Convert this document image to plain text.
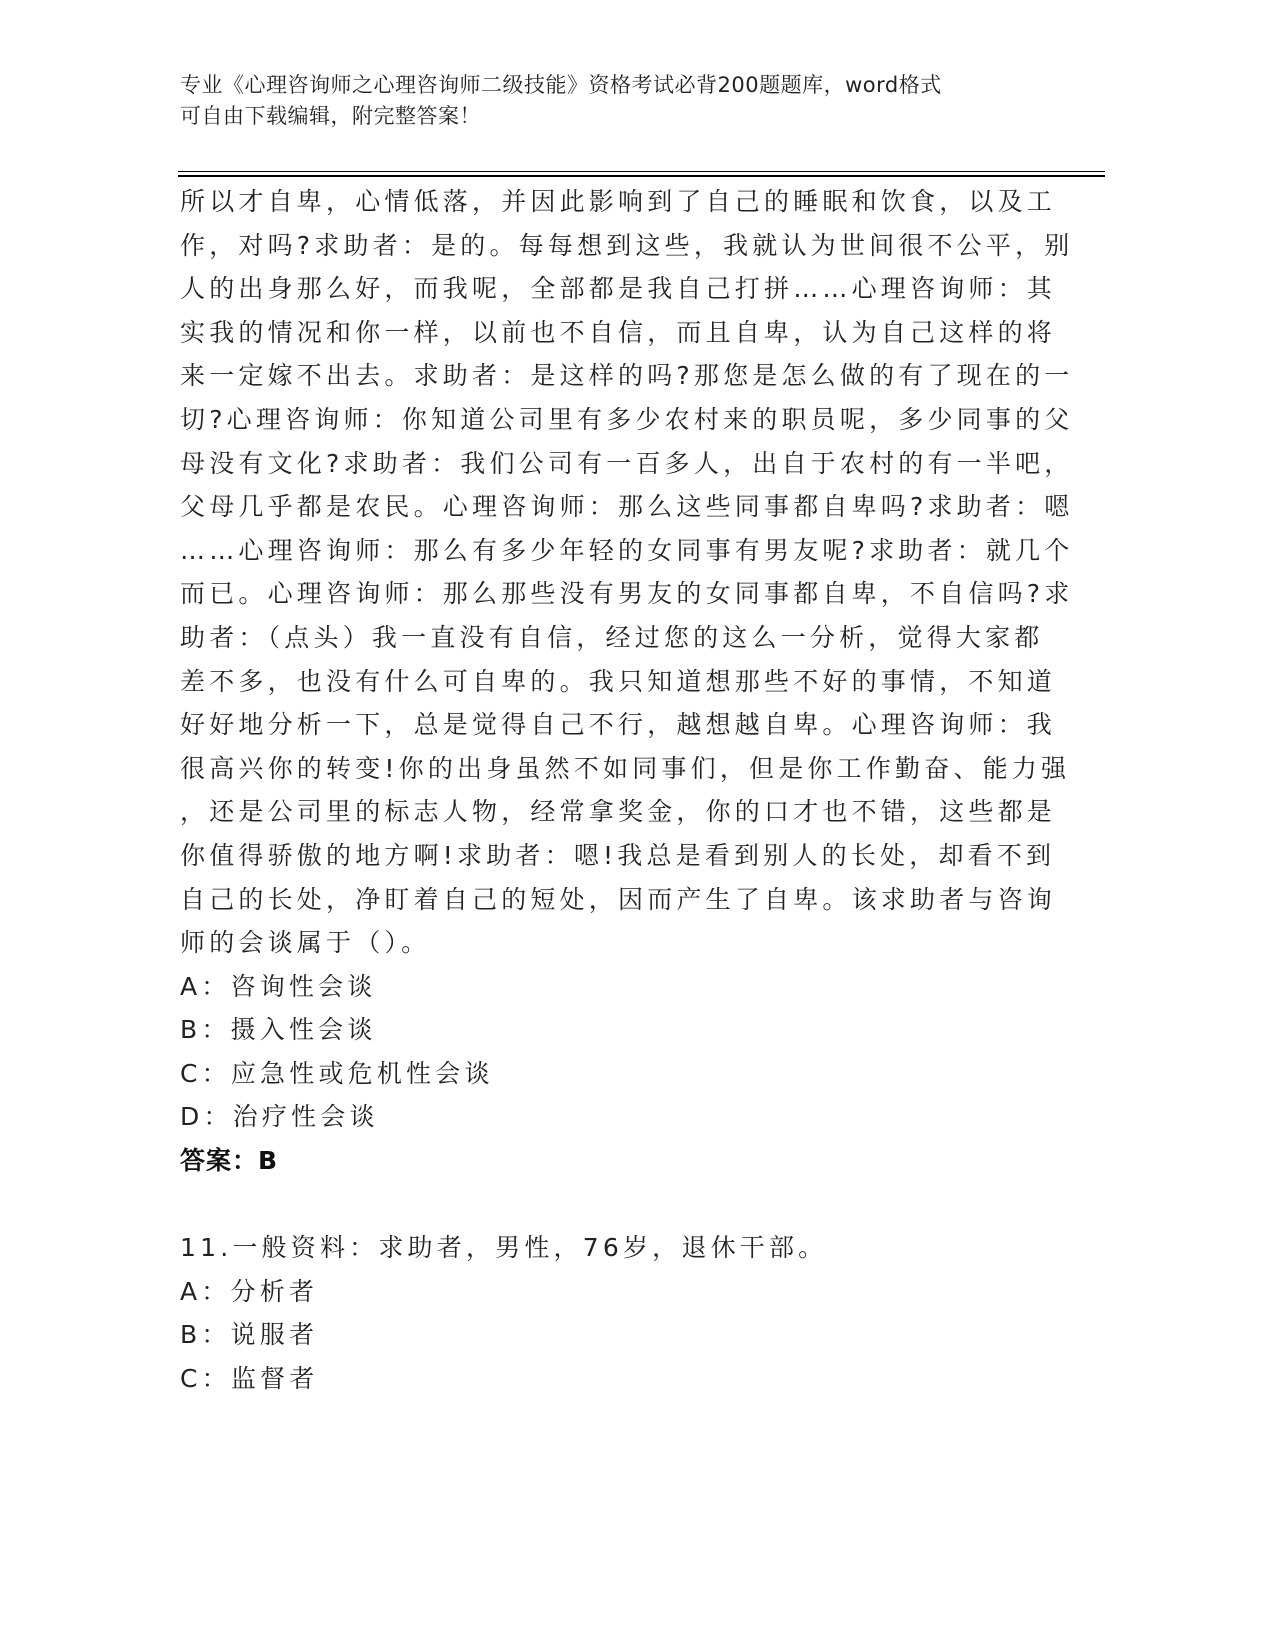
专业《心理咨询师之心理咨询师二级技能》资格考试必背200题题库，word格式
可自由下载编辑，附完整答案！
所以才自卑，心情低落，并因此影响到了自己的睡眠和饮食，以及工
作，对吗?求助者：是的。每每想到这些，我就认为世间很不公平，别
人的出身那么好，而我呢，全部都是我自己打拼……心理咨询师：其
实我的情况和你一样，以前也不自信，而且自卑，认为自己这样的将
来一定嫁不出去。求助者：是这样的吗?那您是怎么做的有了现在的一
切?心理咨询师：你知道公司里有多少农村来的职员呢，多少同事的父
母没有文化?求助者：我们公司有一百多人，出自于农村的有一半吧，
父母几乎都是农民。心理咨询师：那么这些同事都自卑吗?求助者：嗯
……心理咨询师：那么有多少年轻的女同事有男友呢?求助者：就几个
而已。心理咨询师：那么那些没有男友的女同事都自卑，不自信吗?求
助者：（点头）我一直没有自信，经过您的这么一分析，觉得大家都
差不多，也没有什么可自卑的。我只知道想那些不好的事情，不知道
好好地分析一下，总是觉得自己不行，越想越自卑。心理咨询师：我
很高兴你的转变!你的出身虽然不如同事们，但是你工作勤奋、能力强
，还是公司里的标志人物，经常拿奖金，你的口才也不错，这些都是
你值得骄傲的地方啊!求助者：嗯!我总是看到别人的长处，却看不到
自己的长处，净盯着自己的短处，因而产生了自卑。该求助者与咨询
师的会谈属于（）。
A：咨询性会谈
B：摄入性会谈
C：应急性或危机性会谈
D：治疗性会谈
答案：B
11.一般资料：求助者，男性，76岁，退休干部。
A：分析者
B：说服者
C：监督者
